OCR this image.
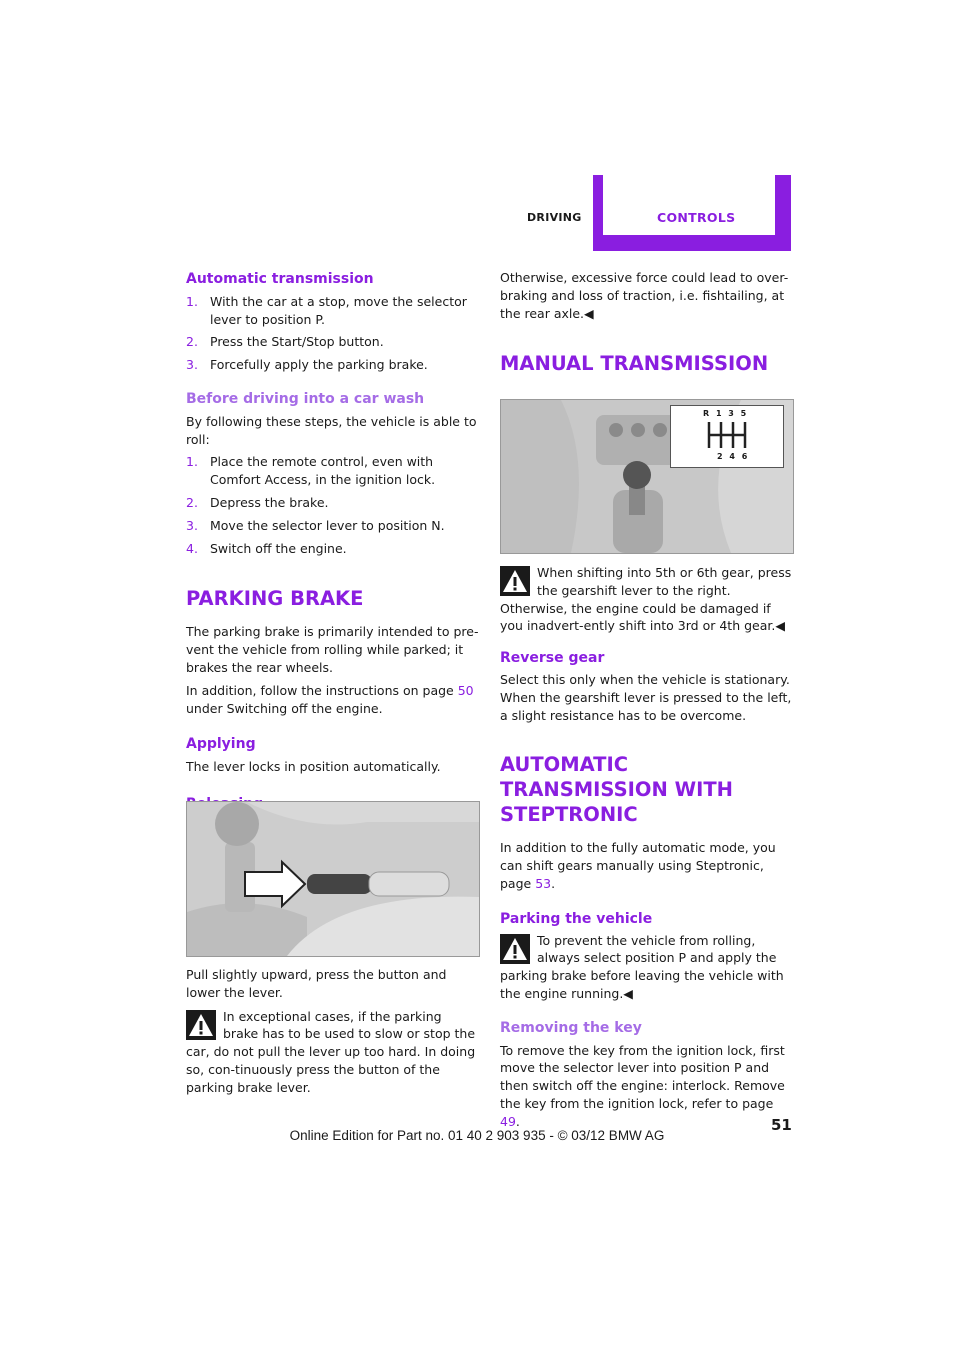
DRIVING	CONTROLS
Automatic transmission
1. With the car at a stop, move the selector lever to position P.
2. Press the Start/Stop button.
3. Forcefully apply the parking brake.
Before driving into a car wash

By following these steps, the vehicle is able to roll:

1. Place the remote control, even with Comfort Access, in the ignition lock.
2. Depress the brake.
3. Move the selector lever to position N.
4. Switch off the engine.
PARKING BRAKE

The parking brake is primarily intended to pre-vent the vehicle from rolling while parked; it brakes the rear wheels.

In addition, follow the instructions on page 50 under Switching off the engine.

Applying

The lever locks in position automatically.

Pull slightly upward, press the button and lower the lever.

In exceptional cases, if the parking brake has to be used to slow or stop the car, do not pull the lever up too hard. In doing so, con-tinuously press the button of the parking brake lever.

Otherwise, excessive force could lead to over-braking and loss of traction, i.e. fishtailing, at the rear axle.◀

MANUAL TRANSMISSION
R 1 3 5
2 4 6
When shifting into 5th or 6th gear, press the gearshift lever to the right. Otherwise, the engine could be damaged if you inadvert-ently shift into 3rd or 4th gear.◀
Reverse gear

Select this only when the vehicle is stationary. When the gearshift lever is pressed to the left, a slight resistance has to be overcome.

AUTOMATIC TRANSMISSION WITH STEPTRONIC

In addition to the fully automatic mode, you can shift gears manually using Steptronic, page 53.

Parking the vehicle
To prevent the vehicle from rolling, always select position P and apply the parking brake before leaving the vehicle with the engine running.◀
Removing the key

To remove the key from the ignition lock, first move the selector lever into position P and then switch off the engine: interlock. Remove the key from the ignition lock, refer to page 49.	51
Online Edition for Part no. 01 40 2 903 935 - © 03/12 BMW AG
